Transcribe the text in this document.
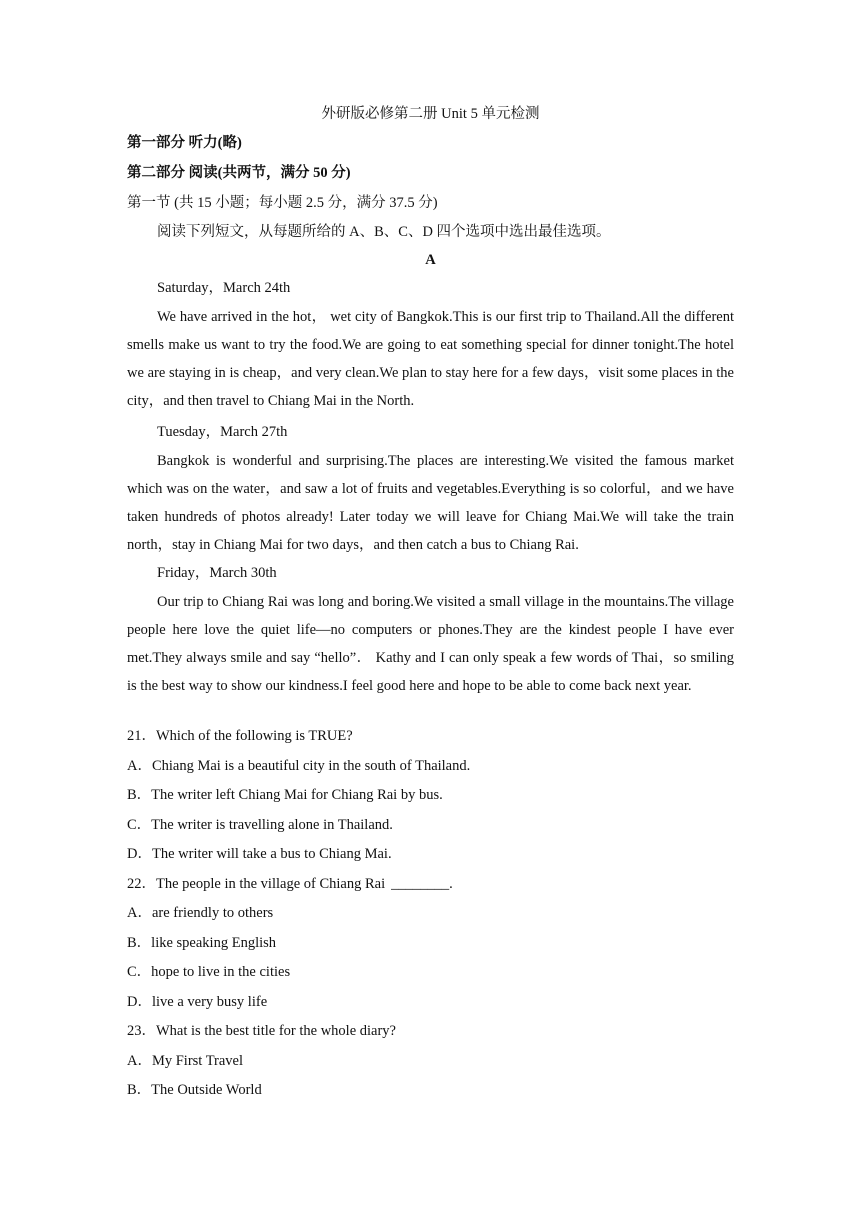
外研版必修第二册 Unit 5 单元检测
第一部分 听力(略)
第二部分 阅读(共两节，满分 50 分)
第一节 (共 15 小题；每小题 2.5 分，满分 37.5 分)
阅读下列短文，从每题所给的 A、B、C、D 四个选项中选出最佳选项。
A
Saturday，March 24th
We have arrived in the hot， wet city of Bangkok.This is our first trip to Thailand.All the different smells make us want to try the food.We are going to eat something special for dinner tonight.The hotel we are staying in is cheap，and very clean.We plan to stay here for a few days，visit some places in the city，and then travel to Chiang Mai in the North.
Tuesday，March 27th
Bangkok is wonderful and surprising.The places are interesting.We visited the famous market which was on the water，and saw a lot of fruits and vegetables.Everything is so colorful，and we have taken hundreds of photos already! Later today we will leave for Chiang Mai.We will take the train north，stay in Chiang Mai for two days，and then catch a bus to Chiang Rai.
Friday，March 30th
Our trip to Chiang Rai was long and boring.We visited a small village in the mountains.The village people here love the quiet life—no computers or phones.They are the kindest people I have ever met.They always smile and say “hello”． Kathy and I can only speak a few words of Thai，so smiling is the best way to show our kindness.I feel good here and hope to be able to come back next year.
21．Which of the following is TRUE?
A．Chiang Mai is a beautiful city in the south of Thailand.
B．The writer left Chiang Mai for Chiang Rai by bus.
C．The writer is travelling alone in Thailand.
D．The writer will take a bus to Chiang Mai.
22．The people in the village of Chiang Rai ________.
A．are friendly to others
B．like speaking English
C．hope to live in the cities
D．live a very busy life
23．What is the best title for the whole diary?
A．My First Travel
B．The Outside World
